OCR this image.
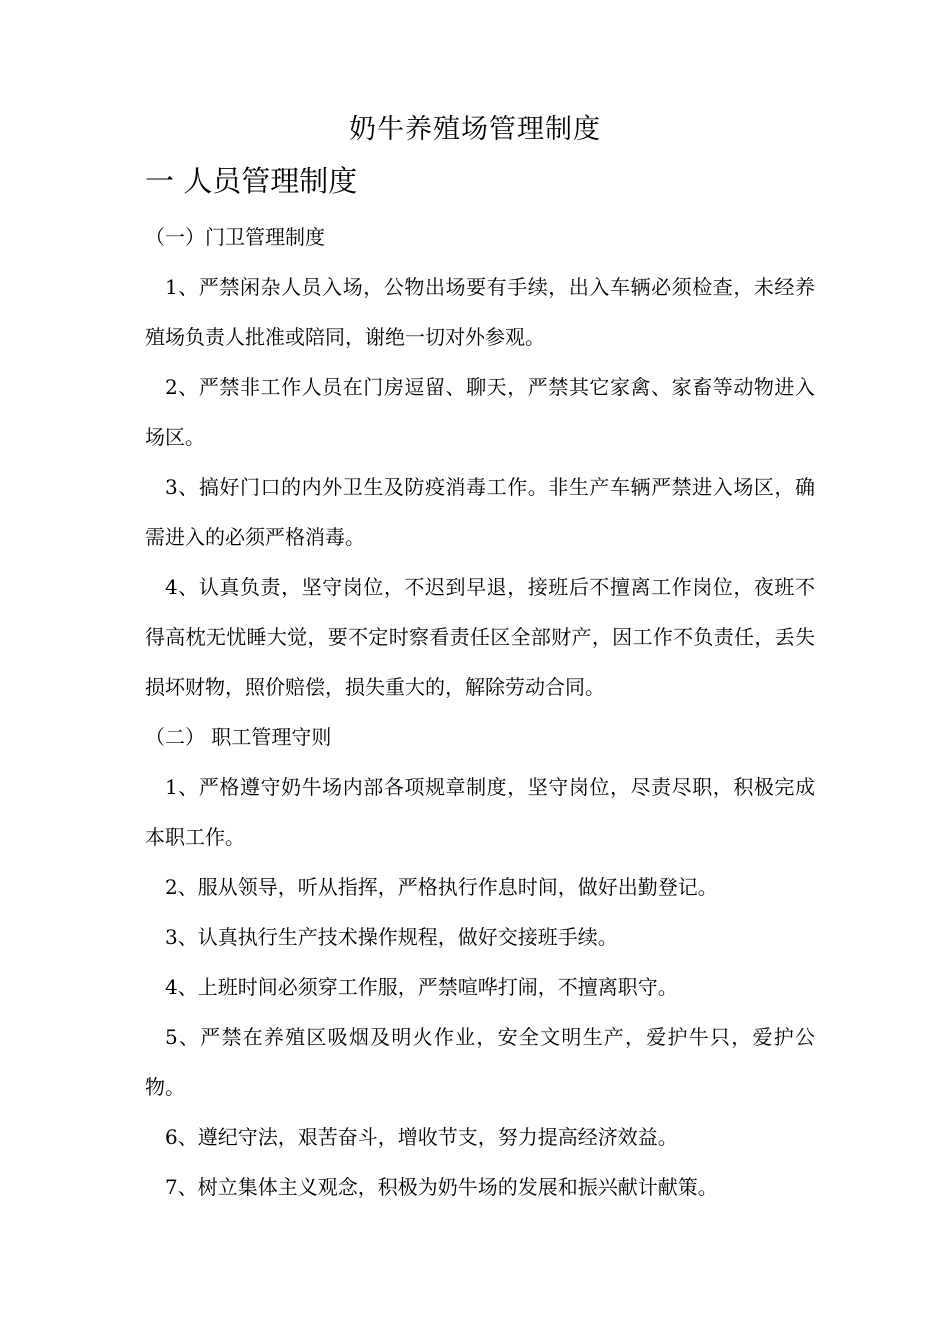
奶牛养殖场管理制度
一 人员管理制度
（一）门卫管理制度

1、严禁闲杂人员入场，公物出场要有手续，出入车辆必须检查，未经养殖场负责人批准或陪同，谢绝一切对外参观。

2、严禁非工作人员在门房逗留、聊天，严禁其它家禽、家畜等动物进入场区。

3、搞好门口的内外卫生及防疫消毒工作。非生产车辆严禁进入场区，确需进入的必须严格消毒。

4、认真负责，坚守岗位，不迟到早退，接班后不擅离工作岗位，夜班不得高枕无忧睡大觉，要不定时察看责任区全部财产，因工作不负责任，丢失损坏财物，照价赔偿，损失重大的，解除劳动合同。

（二） 职工管理守则

1、严格遵守奶牛场内部各项规章制度，坚守岗位，尽责尽职，积极完成本职工作。

2、服从领导，听从指挥，严格执行作息时间，做好出勤登记。

3、认真执行生产技术操作规程，做好交接班手续。

4、上班时间必须穿工作服，严禁喧哗打闹，不擅离职守。

5、严禁在养殖区吸烟及明火作业，安全文明生产，爱护牛只，爱护公物。

6、遵纪守法，艰苦奋斗，增收节支，努力提高经济效益。

7、树立集体主义观念，积极为奶牛场的发展和振兴献计献策。
